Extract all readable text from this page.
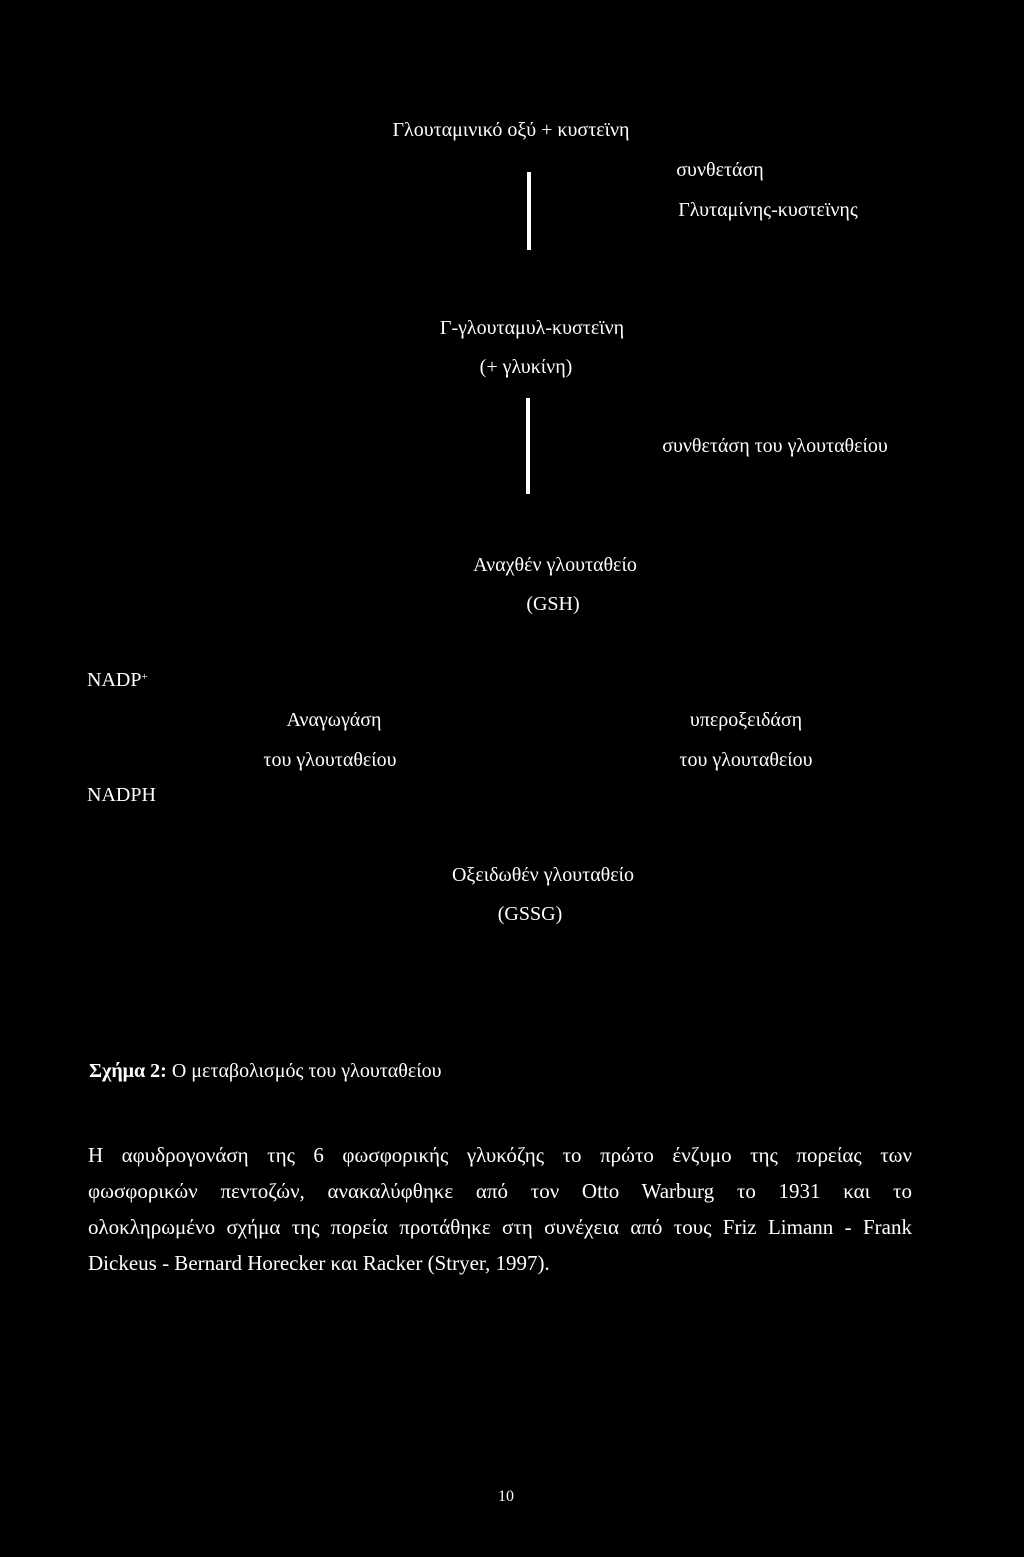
Γλουταμινικό οξύ + κυστεϊνη
συνθετάση
Γλυταμίνης-κυστεϊνης
Γ-γλουταμυλ-κυστεϊνη
(+ γλυκίνη)
συνθετάση του γλουταθείου
Αναχθέν γλουταθείο
(GSH)
NADP+
Αναγωγάση
του γλουταθείου
υπεροξειδάση
του γλουταθείου
NADPH
Οξειδωθέν γλουταθείο
(GSSG)
Σχήμα 2: Ο μεταβολισμός του γλουταθείου
Η αφυδρογονάση της 6 φωσφορικής γλυκόζης το πρώτο ένζυμο της πορείας των
φωσφορικών πεντοζών, ανακαλύφθηκε από τον Otto Warburg το 1931 και το
ολοκληρωμένο σχήμα της πορεία προτάθηκε στη συνέχεια από τους Friz Limann - Frank
Dickeus - Bernard Horecker και Racker (Stryer, 1997).
10
